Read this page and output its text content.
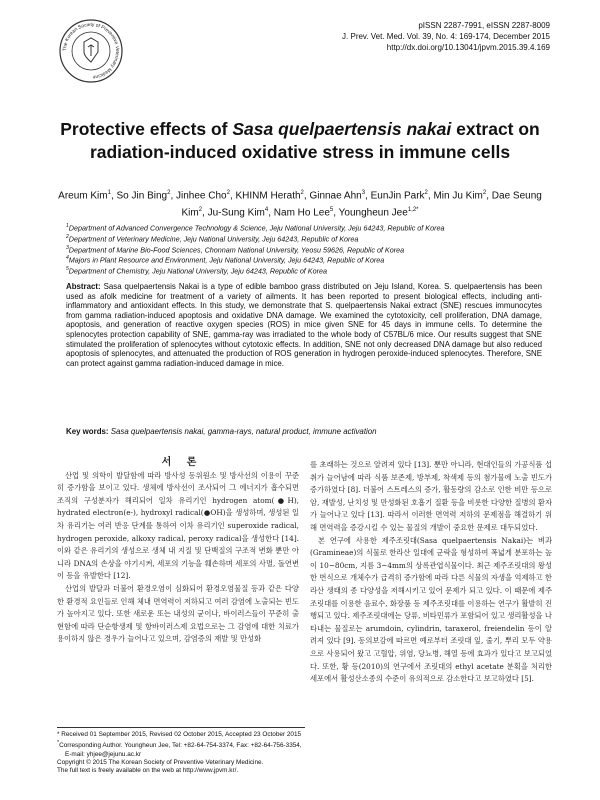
The Korean Society of Preventive Veterinary Medicine
pISSN 2287-7991, eISSN 2287-8009
J. Prev. Vet. Med. Vol. 39, No. 4: 169-174, December 2015
http://dx.doi.org/10.13041/jpvm.2015.39.4.169
Protective effects of Sasa quelpaertensis nakai extract on radiation-induced oxidative stress in immune cells
Areum Kim$^1$, So Jin Bing$^2$, Jinhee Cho$^2$, KHINM Herath$^2$, Ginnae Ahn$^3$, EunJin Park$^2$, Min Ju Kim$^2$, Dae Seung Kim$^2$, Ju-Sung Kim$^4$, Nam Ho Lee$^5$, Youngheun Jee$^{1,2*}$
$^1$Department of Advanced Convergence Technology & Science, Jeju National University, Jeju 64243, Republic of Korea
$^2$Department of Veterinary Medicine, Jeju National University, Jeju 64243, Republic of Korea
$^3$Department of Marine Bio-Food Sciences, Chonnam National University, Yeosu 59626, Republic of Korea
$^4$Majors in Plant Resource and Environment, Jeju National University, Jeju 64243, Republic of Korea
$^5$Department of Chemistry, Jeju National University, Jeju 64243, Republic of Korea
Abstract: Sasa quelpaertensis Nakai is a type of edible bamboo grass distributed on Jeju Island, Korea. S. quelpaertensis has been used as afolk medicine for treatment of a variety of ailments. It has been reported to present biological effects, including anti-inflammatory and antioxidant effects. In this study, we demonstrate that S. quelpaertensis Nakai extract (SNE) rescues immunocytes from gamma radiation-induced apoptosis and oxidative DNA damage. We examined the cytotoxicity, cell proliferation, DNA damage, apoptosis, and generation of reactive oxygen species (ROS) in mice given SNE for 45 days in immune cells. To determine the splenocytes protection capability of SNE, gamma-ray was irradiated to the whole body of C57BL/6 mice. Our results suggest that SNE stimulated the proliferation of splenocytes without cytotoxic effects. In addition, SNE not only decreased DNA damage but also reduced apoptosis of splenocytes, and attenuated the production of ROS generation in hydrogen peroxide-induced splenocytes. Therefore, SNE can protect against gamma radiation-induced damage in mice.
Key words: Sasa quelpaertensis nakai, gamma-rays, natural product, immune activation

서 론

산업 및 의학이 발달함에 따라 방사성 동위원소 및 방사선의 이용이 꾸준히 증가함을 보이고 있다. 생체에 방사선이 조사되어 그 에너지가 흡수되면 조직의 구성분자가 해리되어 일차 유리기인 hydrogen atom(●H), hydrated electron(e-), hydroxyl radical(●OH)을 생성하며, 생성된 일차 유리기는 여러 반응 단계를 통하여 이차 유리기인 superoxide radical, hydrogen peroxide, alkoxy radical, peroxy radical을 생성한다 [14]. 이와 같은 유리기의 생성으로 생체 내 지질 및 단백질의 구조적 변화 뿐만 아니라 DNA의 손상을 야기시켜, 세포의 기능을 훼손하며 세포의 사멸, 돌연변이 등을 유발한다 [12].

산업의 발달과 더불어 환경오염이 심화되어 환경오염물질 등과 같은 다양한 환경적 요인들로 인해 체내 면역력이 저하되고 여러 감염에 노출되는 빈도가 높아지고 있다. 또한 새로운 또는 내성의 균이나, 바이러스들이 꾸준히 출현함에 따라 단순항생제 및 항바이러스제 요법으로는 그 감염에 대한 치료가 용이하지 않은 경우가 늘어나고 있으며, 감염증의 재발 및 만성화

를 초래하는 것으로 알려져 있다 [13]. 뿐만 아니라, 현대인들의 가공식품 섭취가 늘어남에 따라 식품 보존제, 방부제, 착색제 등의 첨가물에 노출 빈도가 증가하였다 [8]. 더불어 스트레스의 증가, 활동량의 감소로 인한 비만 등으로 암, 재발성, 난치성 및 만성화된 호흡기 질환 등을 비롯한 다양한 질병의 환자가 늘어나고 있다 [13]. 따라서 이러한 면역력 저하의 문제점을 해결하기 위해 면역력을 증강시킬 수 있는 물질의 개발이 중요한 문제로 대두되었다.

본 연구에 사용한 제주조릿대(Sasa quelpaertensis Nakai)는 벼과(Gramineae)의 식물로 한라산 일대에 군락을 형성하여 폭넓게 분포하는 높이 10~80cm, 지름 3~4mm의 상록관엽식물이다. 최근 제주조릿대의 왕성한 번식으로 개체수가 급격히 증가함에 따라 다른 식물의 자생을 억제하고 한라산 생태의 종 다양성을 저해시키고 있어 문제가 되고 있다. 이 때문에 제주조릿대를 이용한 음료수, 화장품 등 제주조릿대를 이용하는 연구가 활발히 진행되고 있다. 제주조릿대에는 당류, 비타민류가 포함되어 있고 생리활성을 나타내는 물질로는 arumdoin, cylindrin, taraxerol, freiendelin 등이 알려져 있다 [9]. 동의보감에 따르면 예로부터 조릿대 잎, 줄기, 뿌리 모두 약용으로 사용되어 왔고 고혈압, 위염, 당뇨병, 해열 등에 효과가 있다고 보고되었다. 또한, 황 등(2010)의 연구에서 조릿대의 ethyl acetate 분획을 처리한 세포에서 활성산소종의 수준이 유의적으로 감소한다고 보고하였다 [5].

* Received 01 September 2015, Revised 02 October 2015, Accepted 23 October 2015
*Corresponding Author. Youngheun Jee, Tel: +82-64-754-3374, Fax: +82-64-756-3354,
E-mail: yhjee@jejunu.ac.kr
Copyright © 2015 The Korean Society of Preventive Veterinary Medicine.
The full text is freely available on the web at http://www.jpvm.kr/.
